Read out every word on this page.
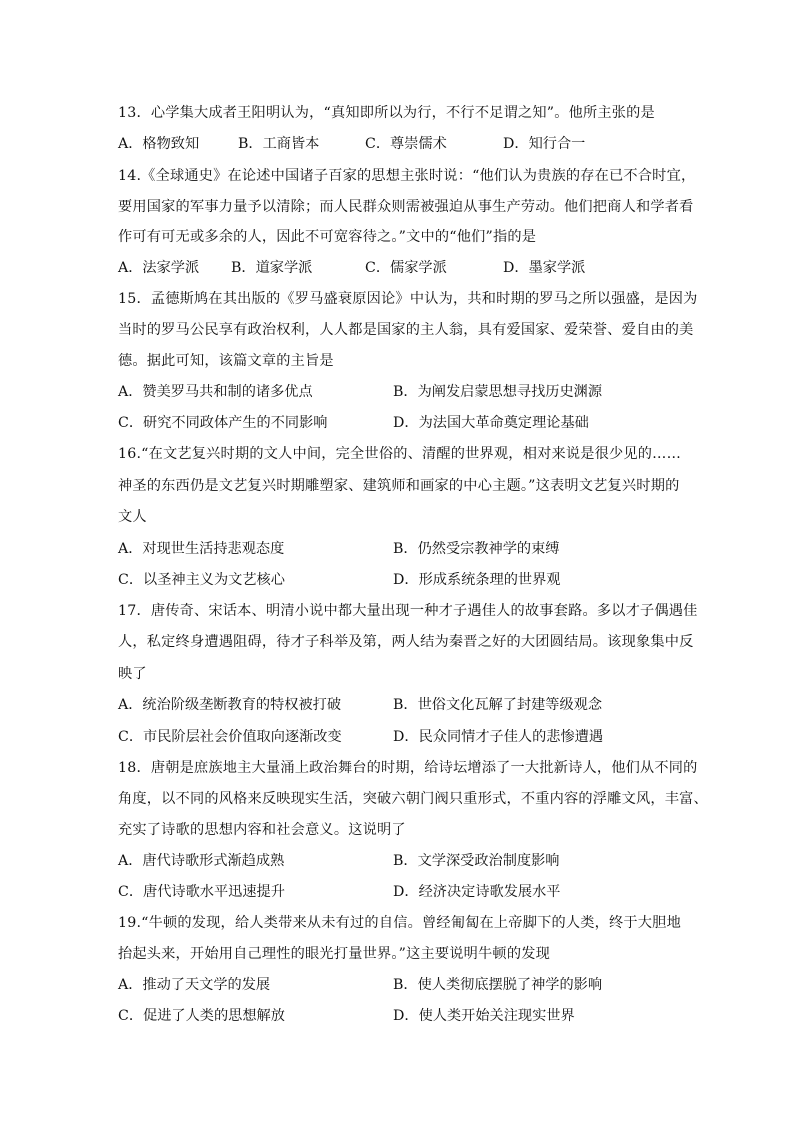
13．心学集大成者王阳明认为，“真知即所以为行，不行不足谓之知”。他所主张的是
A．格物致知	B．工商皆本	C．尊崇儒术	D．知行合一
14.《全球通史》在论述中国诸子百家的思想主张时说：“他们认为贵族的存在已不合时宜，
要用国家的军事力量予以清除；而人民群众则需被强迫从事生产劳动。他们把商人和学者看
作可有可无或多余的人，因此不可宽容待之。”文中的“他们”指的是
A．法家学派 B．道家学派	C．儒家学派	D．墨家学派
15．孟德斯鸠在其出版的《罗马盛衰原因论》中认为，共和时期的罗马之所以强盛，是因为
当时的罗马公民享有政治权利，人人都是国家的主人翁，具有爱国家、爱荣誉、爱自由的美
德。据此可知，该篇文章的主旨是
A．赞美罗马共和制的诸多优点	B．为阐发启蒙思想寻找历史渊源
C．研究不同政体产生的不同影响	D．为法国大革命奠定理论基础
16.“在文艺复兴时期的文人中间，完全世俗的、清醒的世界观，相对来说是很少见的……
神圣的东西仍是文艺复兴时期雕塑家、建筑师和画家的中心主题。”这表明文艺复兴时期的
文人
A．对现世生活持悲观态度	B．仍然受宗教神学的束缚
C．以圣神主义为文艺核心	D．形成系统条理的世界观
17．唐传奇、宋话本、明清小说中都大量出现一种才子遇佳人的故事套路。多以才子偶遇佳
人，私定终身遭遇阻碍，待才子科举及第，两人结为秦晋之好的大团圆结局。该现象集中反
映了
A．统治阶级垄断教育的特权被打破	B．世俗文化瓦解了封建等级观念
C．市民阶层社会价值取向逐渐改变	D．民众同情才子佳人的悲惨遭遇
18．唐朝是庶族地主大量涌上政治舞台的时期，给诗坛增添了一大批新诗人，他们从不同的
角度，以不同的风格来反映现实生活，突破六朝门阀只重形式，不重内容的浮雕文风，丰富、
充实了诗歌的思想内容和社会意义。这说明了
A．唐代诗歌形式渐趋成熟	B．文学深受政治制度影响
C．唐代诗歌水平迅速提升	D．经济决定诗歌发展水平
19.“牛顿的发现，给人类带来从未有过的自信。曾经匍匐在上帝脚下的人类，终于大胆地
抬起头来，开始用自己理性的眼光打量世界。”这主要说明牛顿的发现
A．推动了天文学的发展	B．使人类彻底摆脱了神学的影响
C．促进了人类的思想解放	D．使人类开始关注现实世界
